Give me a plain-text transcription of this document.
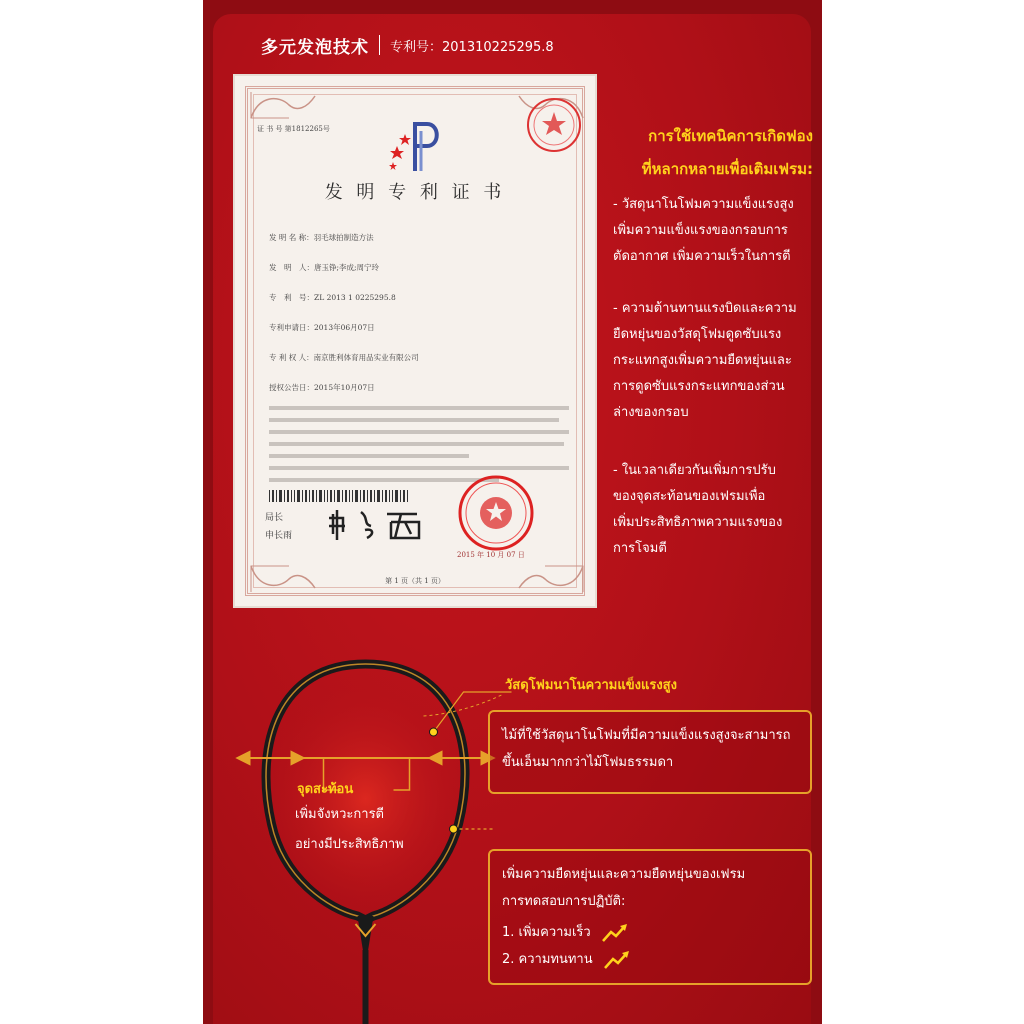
多元发泡技术 专利号：201310225295.8
证 书 号 第1812265号
发 明 专 利 证 书
发 明 名 称：羽毛球拍制造方法
发　明　人：唐玉铮;李成;周宁玲
专　利　号：ZL 2013 1 0225295.8
专利申请日：2013年06月07日
专 利 权 人：南京胜利体育用品实业有限公司
授权公告日：2015年10月07日
局长
申长雨
2015 年 10 月 07 日
第 1 页（共 1 页）
การใช้เทคนิคการเกิดฟอง
ที่หลากหลายเพื่อเติมเฟรม:
- วัสดุนาโนโฟมความแข็งแรงสูง
เพิ่มความแข็งแรงของกรอบการ
ตัดอากาศ เพิ่มความเร็วในการตี
- ความต้านทานแรงบิดและความ
ยืดหยุ่นของวัสดุโฟมดูดซับแรง
กระแทกสูงเพิ่มความยืดหยุ่นและ
การดูดซับแรงกระแทกของส่วน
ล่างของกรอบ
- ในเวลาเดียวกันเพิ่มการปรับ
ของจุดสะท้อนของเฟรมเพื่อ
เพิ่มประสิทธิภาพความแรงของ
การโจมตี
วัสดุโฟมนาโนความแข็งแรงสูง
ไม้ที่ใช้วัสดุนาโนโฟมที่มีความแข็งแรงสูงจะสามารถ
ขึ้นเอ็นมากกว่าไม้โฟมธรรมดา
จุดสะท้อน
เพิ่มจังหวะการตี
อย่างมีประสิทธิภาพ
เพิ่มความยืดหยุ่นและความยืดหยุ่นของเฟรม
การทดสอบการปฏิบัติ:
1. เพิ่มความเร็ว
2. ความทนทาน
